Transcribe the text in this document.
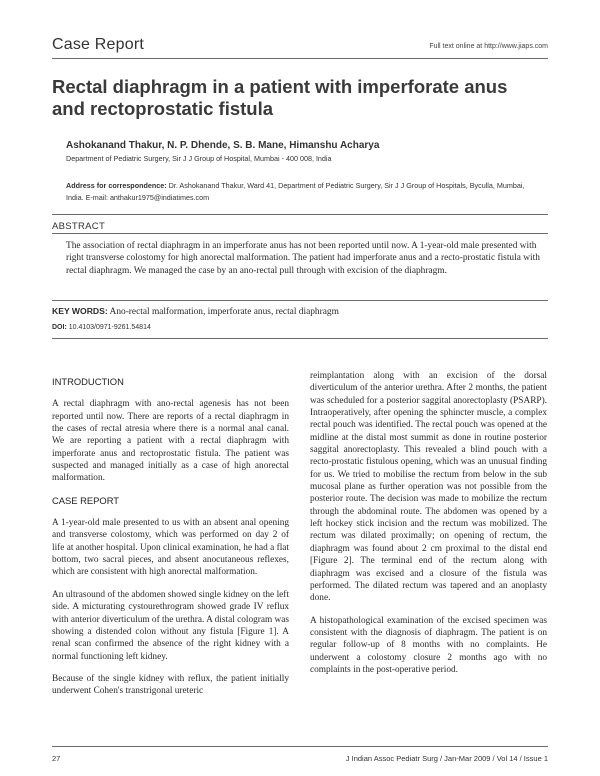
Case Report	Full text online at http://www.jiaps.com
Rectal diaphragm in a patient with imperforate anus and rectoprostatic fistula
Ashokanand Thakur, N. P. Dhende, S. B. Mane, Himanshu Acharya
Department of Pediatric Surgery, Sir J J Group of Hospital, Mumbai - 400 008, India
Address for correspondence: Dr. Ashokanand Thakur, Ward 41, Department of Pediatric Surgery, Sir J J Group of Hospitals, Byculla, Mumbai, India. E-mail: anthakur1975@indiatimes.com
ABSTRACT
The association of rectal diaphragm in an imperforate anus has not been reported until now. A 1-year-old male presented with right transverse colostomy for high anorectal malformation. The patient had imperforate anus and a recto-prostatic fistula with rectal diaphragm. We managed the case by an ano-rectal pull through with excision of the diaphragm.
KEY WORDS: Ano-rectal malformation, imperforate anus, rectal diaphragm
DOI: 10.4103/0971-9261.54814
INTRODUCTION

A rectal diaphragm with ano-rectal agenesis has not been reported until now. There are reports of a rectal diaphragm in the cases of rectal atresia where there is a normal anal canal. We are reporting a patient with a rectal diaphragm with imperforate anus and rectoprostatic fistula. The patient was suspected and managed initially as a case of high anorectal malformation.

CASE REPORT

A 1-year-old male presented to us with an absent anal opening and transverse colostomy, which was performed on day 2 of life at another hospital. Upon clinical examination, he had a flat bottom, two sacral pieces, and absent anocutaneous reflexes, which are consistent with high anorectal malformation.

An ultrasound of the abdomen showed single kidney on the left side. A micturating cystourethrogram showed grade IV reflux with anterior diverticulum of the urethra. A distal cologram was showing a distended colon without any fistula [Figure 1]. A renal scan confirmed the absence of the right kidney with a normal functioning left kidney.

Because of the single kidney with reflux, the patient initially underwent Cohen's transtrigonal ureteric

reimplantation along with an excision of the dorsal diverticulum of the anterior urethra. After 2 months, the patient was scheduled for a posterior saggital anorectoplasty (PSARP). Intraoperatively, after opening the sphincter muscle, a complex rectal pouch was identified. The rectal pouch was opened at the midline at the distal most summit as done in routine posterior saggital anorectoplasty. This revealed a blind pouch with a recto-prostatic fistulous opening, which was an unusual finding for us. We tried to mobilise the rectum from below in the sub mucosal plane as further operation was not possible from the posterior route. The decision was made to mobilize the rectum through the abdominal route. The abdomen was opened by a left hockey stick incision and the rectum was mobilized. The rectum was dilated proximally; on opening of rectum, the diaphragm was found about 2 cm proximal to the distal end [Figure 2]. The terminal end of the rectum along with diaphragm was excised and a closure of the fistula was performed. The dilated rectum was tapered and an anoplasty done.

A histopathological examination of the excised specimen was consistent with the diagnosis of diaphragm. The patient is on regular follow-up of 8 months with no complaints. He underwent a colostomy closure 2 months ago with no complaints in the post-operative period.

27	J Indian Assoc Pediatr Surg / Jan-Mar 2009 / Vol 14 / Issue 1
